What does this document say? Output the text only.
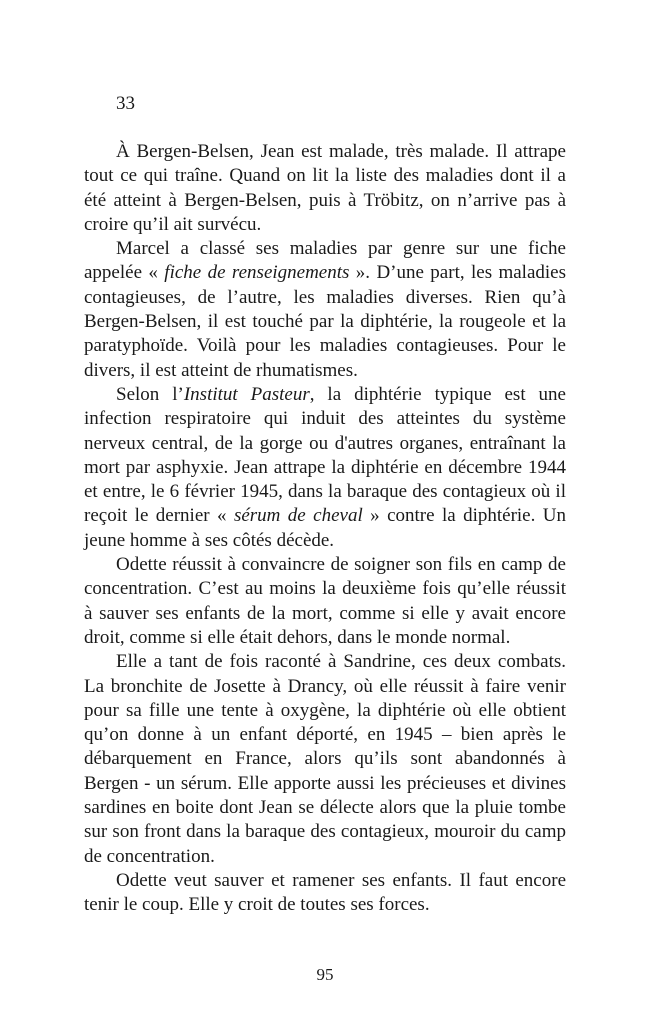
33

À Bergen-Belsen, Jean est malade, très malade. Il attrape tout ce qui traîne. Quand on lit la liste des maladies dont il a été atteint à Bergen-Belsen, puis à Tröbitz, on n’arrive pas à croire qu’il ait survécu.

Marcel a classé ses maladies par genre sur une fiche appelée « fiche de renseignements ». D’une part, les maladies contagieuses, de l’autre, les maladies diverses. Rien qu’à Bergen-Belsen, il est touché par la diphtérie, la rougeole et la paratyphoïde. Voilà pour les maladies contagieuses. Pour le divers, il est atteint de rhumatismes.

Selon l’Institut Pasteur, la diphtérie typique est une infection respiratoire qui induit des atteintes du système nerveux central, de la gorge ou d'autres organes, entraînant la mort par asphyxie. Jean attrape la diphtérie en décembre 1944 et entre, le 6 février 1945, dans la baraque des contagieux où il reçoit le dernier « sérum de cheval » contre la diphtérie. Un jeune homme à ses côtés décède.

Odette réussit à convaincre de soigner son fils en camp de concentration. C’est au moins la deuxième fois qu’elle réussit à sauver ses enfants de la mort, comme si elle y avait encore droit, comme si elle était dehors, dans le monde normal.

Elle a tant de fois raconté à Sandrine, ces deux combats. La bronchite de Josette à Drancy, où elle réussit à faire venir pour sa fille une tente à oxygène, la diphtérie où elle obtient qu’on donne à un enfant déporté, en 1945 – bien après le débarquement en France, alors qu’ils sont abandonnés à Bergen - un sérum. Elle apporte aussi les précieuses et divines sardines en boite dont Jean se délecte alors que la pluie tombe sur son front dans la baraque des contagieux, mouroir du camp de concentration.

Odette veut sauver et ramener ses enfants. Il faut encore tenir le coup. Elle y croit de toutes ses forces.

95
